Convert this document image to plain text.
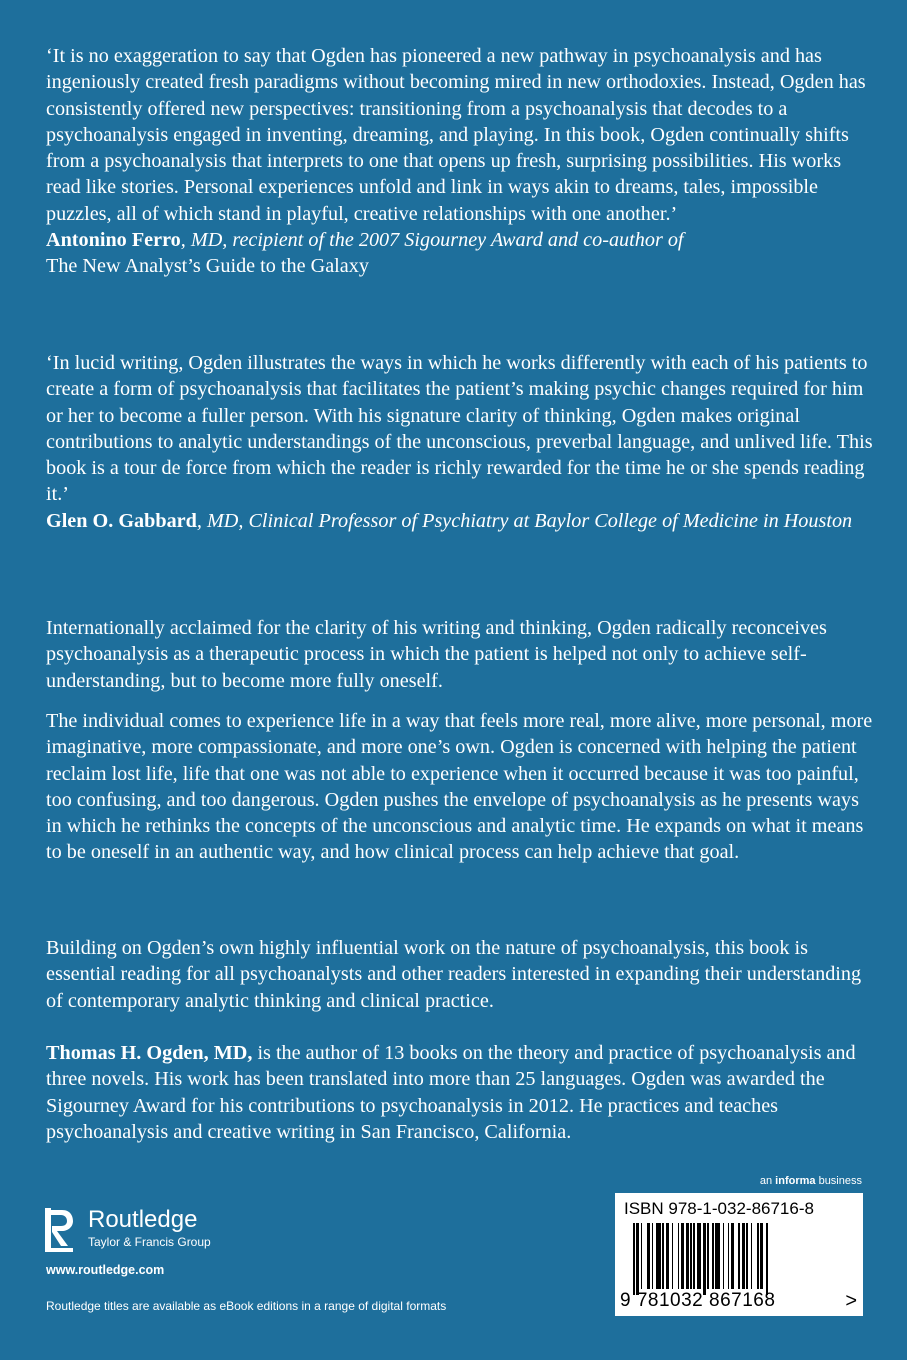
‘It is no exaggeration to say that Ogden has pioneered a new pathway in psychoanalysis and has ingeniously created fresh paradigms without becoming mired in new orthodoxies. Instead, Ogden has consistently offered new perspectives: transitioning from a psychoanalysis that decodes to a psychoanalysis engaged in inventing, dreaming, and playing. In this book, Ogden continually shifts from a psychoanalysis that interprets to one that opens up fresh, surprising possibilities. His works read like stories. Personal experiences unfold and link in ways akin to dreams, tales, impossible puzzles, all of which stand in playful, creative relationships with one another.’

Antonino Ferro, MD, recipient of the 2007 Sigourney Award and co-author of
The New Analyst’s Guide to the Galaxy

‘In lucid writing, Ogden illustrates the ways in which he works differently with each of his patients to create a form of psychoanalysis that facilitates the patient’s making psychic changes required for him or her to become a fuller person. With his signature clarity of thinking, Ogden makes original contributions to analytic understandings of the unconscious, preverbal language, and unlived life. This book is a tour de force from which the reader is richly rewarded for the time he or she spends reading it.’

Glen O. Gabbard, MD, Clinical Professor of Psychiatry at Baylor College of Medicine in Houston

Internationally acclaimed for the clarity of his writing and thinking, Ogden radically reconceives psychoanalysis as a therapeutic process in which the patient is helped not only to achieve self-understanding, but to become more fully oneself.

The individual comes to experience life in a way that feels more real, more alive, more personal, more imaginative, more compassionate, and more one’s own. Ogden is concerned with helping the patient reclaim lost life, life that one was not able to experience when it occurred because it was too painful, too confusing, and too dangerous. Ogden pushes the envelope of psychoanalysis as he presents ways in which he rethinks the concepts of the unconscious and analytic time. He expands on what it means to be oneself in an authentic way, and how clinical process can help achieve that goal.

Building on Ogden’s own highly influential work on the nature of psychoanalysis, this book is essential reading for all psychoanalysts and other readers interested in expanding their understanding of contemporary analytic thinking and clinical practice.

Thomas H. Ogden, MD, is the author of 13 books on the theory and practice of psychoanalysis and three novels. His work has been translated into more than 25 languages. Ogden was awarded the Sigourney Award for his contributions to psychoanalysis in 2012. He practices and teaches psychoanalysis and creative writing in San Francisco, California.

an informa business
Routledge
Taylor & Francis Group
www.routledge.com
Routledge titles are available as eBook editions in a range of digital formats
ISBN 978-1-032-86716-8
9 781032 867168	>
